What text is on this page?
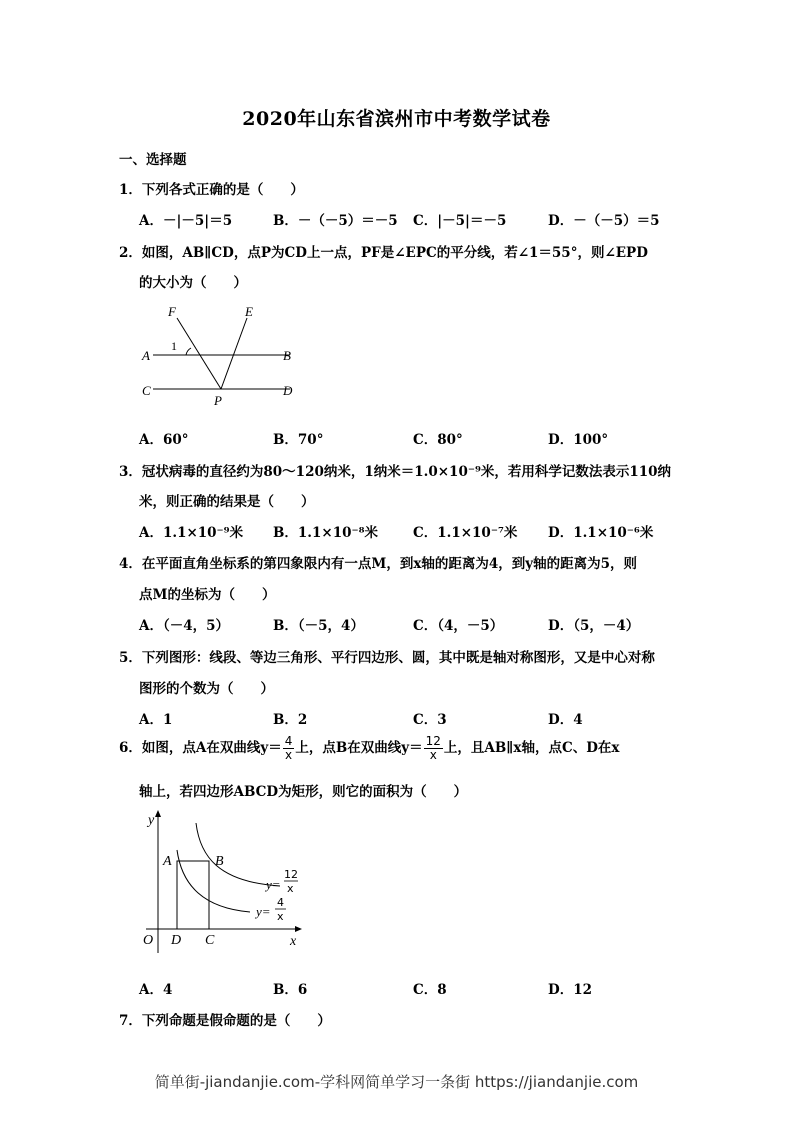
2020年山东省滨州市中考数学试卷
一、选择题
1．下列各式正确的是（　　）
A．－|－5|＝5	B．－（－5）＝－5 C．|－5|＝－5	D．－（－5）＝5
2．如图，AB∥CD，点P为CD上一点，PF是∠EPC的平分线，若∠1＝55°，则∠EPD
的大小为（　　）
F	E
A	B
C	D
P
1
A．60°	B．70°	C．80°	D．100°
3．冠状病毒的直径约为80～120纳米，1纳米＝1.0×10⁻⁹米，若用科学记数法表示110纳
米，则正确的结果是（　　）
A．1.1×10⁻⁹米 B．1.1×10⁻⁸米	C．1.1×10⁻⁷米 D．1.1×10⁻⁶米
4．在平面直角坐标系的第四象限内有一点M，到x轴的距离为4，到y轴的距离为5，则
点M的坐标为（　　）
A．（－4，5）	B．（－5，4）	C．（4，－5）	D．（5，－4）
5．下列图形：线段、等边三角形、平行四边形、圆，其中既是轴对称图形，又是中心对称
图形的个数为（　　）
A．1	B．2	C．3	D．4
6．如图，点A在双曲线$y= \frac{4}{x}$ 上，点B在双曲线$y= \frac{12}{x}$ 上，且AB∥x轴，点C、D在x
轴上，若四边形ABCD为矩形，则它的面积为（　　）
y
x
O
A	B
D C
y=
12
x
y=
4
x
A．4	B．6	C．8	D．12
7．下列命题是假命题的是（　　）
简单街-jiandanjie.com-学科网简单学习一条街 https://jiandanjie.com
